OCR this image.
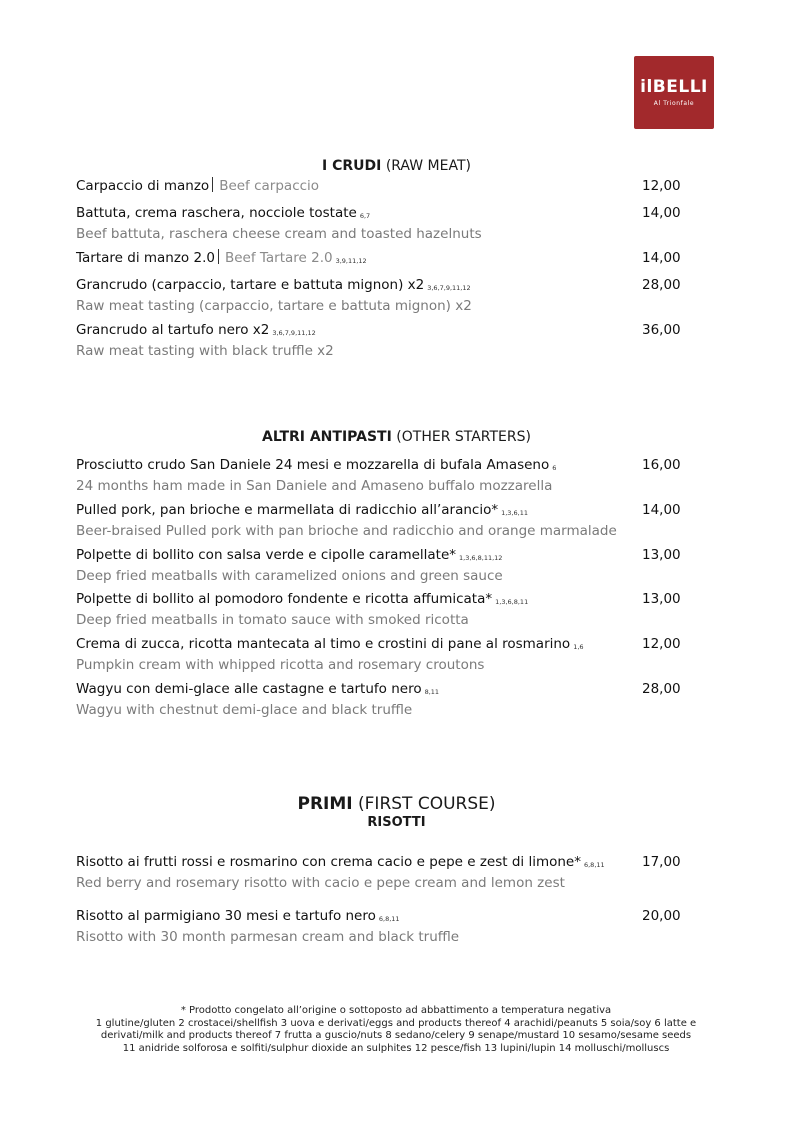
ilBELLI
Al Trionfale

I CRUDI (RAW MEAT)

Carpaccio di manzo Beef carpaccio	12,00
Battuta, crema raschera, nocciole tostate 6,7
Beef battuta, raschera cheese cream and toasted hazelnuts
14,00
Tartare di manzo 2.0 Beef Tartare 2.0 3,9,11,12	14,00
Grancrudo (carpaccio, tartare e battuta mignon) x2 3,6,7,9,11,12
Raw meat tasting (carpaccio, tartare e battuta mignon) x2
28,00
Grancrudo al tartufo nero x2 3,6,7,9,11,12
Raw meat tasting with black truffle x2
36,00

ALTRI ANTIPASTI (OTHER STARTERS)

Prosciutto crudo San Daniele 24 mesi e mozzarella di bufala Amaseno 6
24 months ham made in San Daniele and Amaseno buffalo mozzarella
16,00
Pulled pork, pan brioche e marmellata di radicchio all’arancio* 1,3,6,11
Beer-braised Pulled pork with pan brioche and radicchio and orange marmalade
14,00
Polpette di bollito con salsa verde e cipolle caramellate* 1,3,6,8,11,12
Deep fried meatballs with caramelized onions and green sauce
13,00
Polpette di bollito al pomodoro fondente e ricotta affumicata* 1,3,6,8,11
Deep fried meatballs in tomato sauce with smoked ricotta
13,00
Crema di zucca, ricotta mantecata al timo e crostini di pane al rosmarino 1,6
Pumpkin cream with whipped ricotta and rosemary croutons
12,00
Wagyu con demi-glace alle castagne e tartufo nero 8,11
Wagyu with chestnut demi-glace and black truffle
28,00

PRIMI (FIRST COURSE)

RISOTTI
Risotto ai frutti rossi e rosmarino con crema cacio e pepe e zest di limone* 6,8,11
Red berry and rosemary risotto with cacio e pepe cream and lemon zest
17,00
Risotto al parmigiano 30 mesi e tartufo nero 6,8,11
Risotto with 30 month parmesan cream and black truffle
20,00
* Prodotto congelato all’origine o sottoposto ad abbattimento a temperatura negativa
1 glutine/gluten 2 crostacei/shellfish 3 uova e derivati/eggs and products thereof 4 arachidi/peanuts 5 soia/soy 6 latte e
derivati/milk and products thereof 7 frutta a guscio/nuts 8 sedano/celery 9 senape/mustard 10 sesamo/sesame seeds
11 anidride solforosa e solfiti/sulphur dioxide an sulphites 12 pesce/fish 13 lupini/lupin 14 molluschi/molluscs
